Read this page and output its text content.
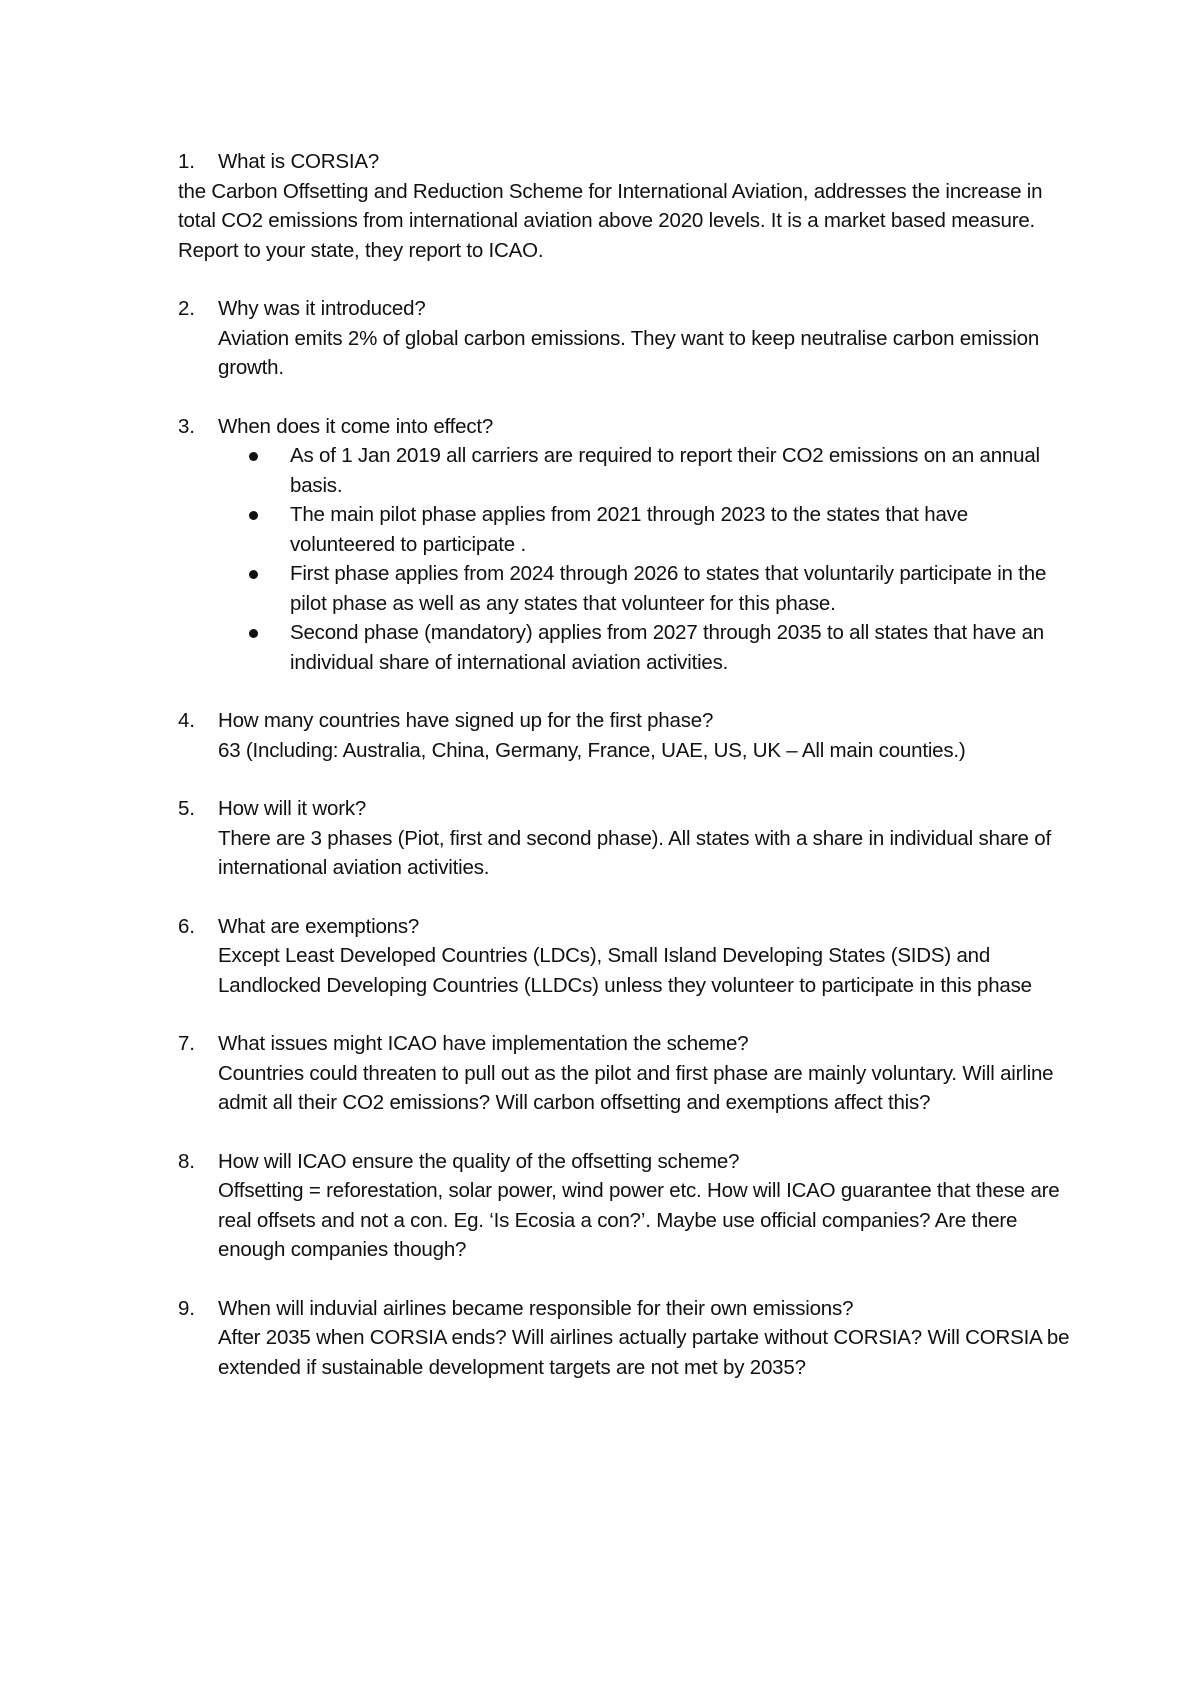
1. What is CORSIA?

the Carbon Offsetting and Reduction Scheme for International Aviation, addresses the increase in total CO2 emissions from international aviation above 2020 levels. It is a market based measure. Report to your state, they report to ICAO.

2. Why was it introduced?

Aviation emits 2% of global carbon emissions. They want to keep neutralise carbon emission growth.

3. When does it come into effect?

As of 1 Jan 2019 all carriers are required to report their CO2 emissions on an annual basis.
The main pilot phase applies from 2021 through 2023 to the states that have volunteered to participate .
First phase applies from 2024 through 2026 to states that voluntarily participate in the pilot phase as well as any states that volunteer for this phase.
Second phase (mandatory) applies from 2027 through 2035 to all states that have an individual share of international aviation activities.
4. How many countries have signed up for the first phase?

63 (Including: Australia, China, Germany, France, UAE, US, UK – All main counties.)

5. How will it work?

There are 3 phases (Piot, first and second phase). All states with a share in individual share of international aviation activities.

6. What are exemptions?

Except Least Developed Countries (LDCs), Small Island Developing States (SIDS) and Landlocked Developing Countries (LLDCs) unless they volunteer to participate in this phase

7. What issues might ICAO have implementation the scheme?

Countries could threaten to pull out as the pilot and first phase are mainly voluntary. Will airline admit all their CO2 emissions? Will carbon offsetting and exemptions affect this?

8. How will ICAO ensure the quality of the offsetting scheme?

Offsetting = reforestation, solar power, wind power etc. How will ICAO guarantee that these are real offsets and not a con. Eg. ‘Is Ecosia a con?’. Maybe use official companies? Are there enough companies though?

9. When will induvial airlines became responsible for their own emissions?

After 2035 when CORSIA ends? Will airlines actually partake without CORSIA? Will CORSIA be extended if sustainable development targets are not met by 2035?
